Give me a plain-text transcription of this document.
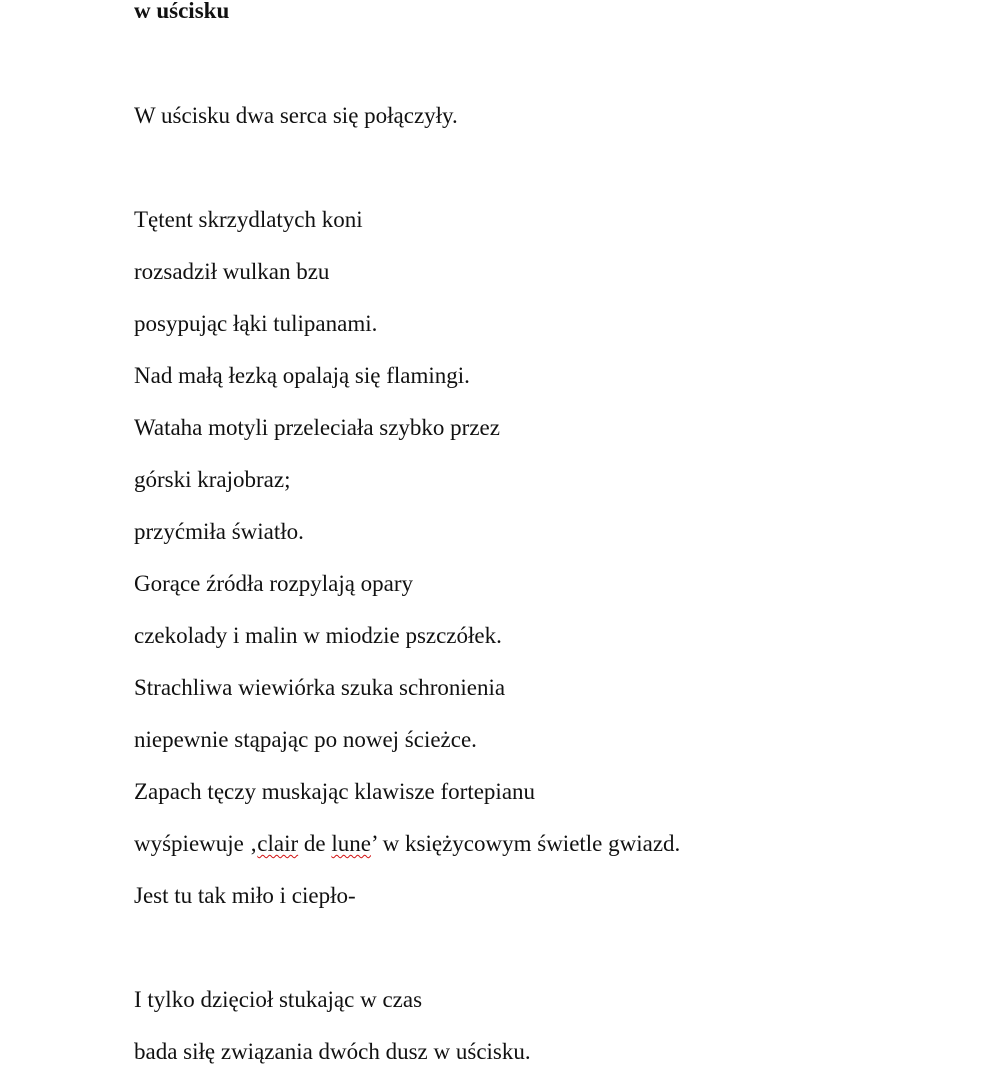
w uścisku
W uścisku dwa serca się połączyły.
Tętent skrzydlatych koni
rozsadził wulkan bzu
posypując łąki tulipanami.
Nad małą łezką opalają się flamingi.
Wataha motyli przeleciała szybko przez
górski krajobraz;
przyćmiła światło.
Gorące źródła rozpylają opary
czekolady i malin w miodzie pszczółek.
Strachliwa wiewiórka szuka schronienia
niepewnie stąpając po nowej ścieżce.
Zapach tęczy muskając klawisze fortepianu
wyśpiewuje ‚clair de lune’ w księżycowym świetle gwiazd.
Jest tu tak miło i ciepło-
I tylko dzięcioł stukając w czas
bada siłę związania dwóch dusz w uścisku.
